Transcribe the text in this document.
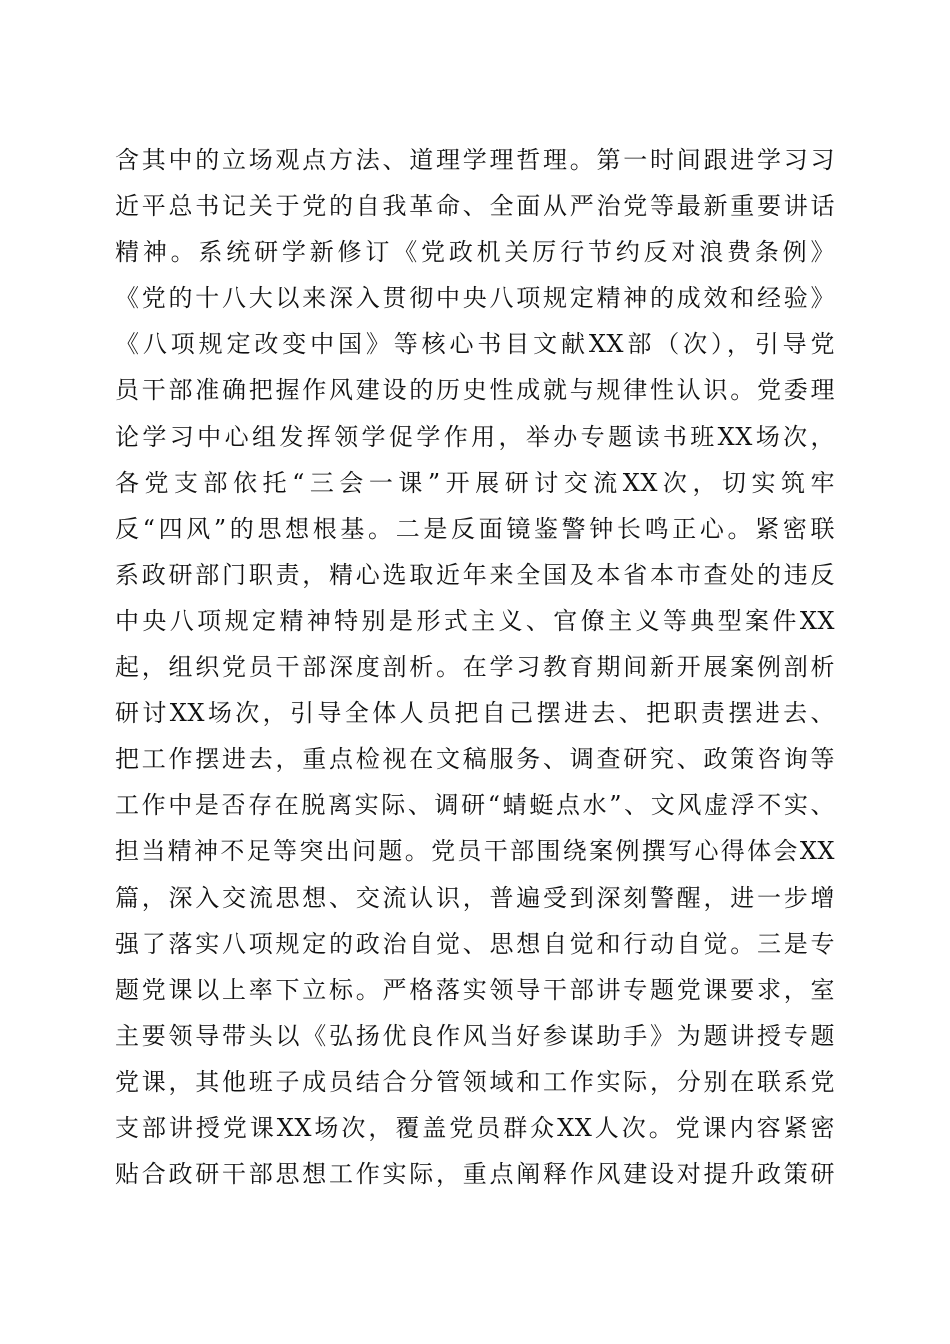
含其中的立场观点方法、道理学理哲理。第一时间跟进学习习
近平总书记关于党的自我革命、全面从严治党等最新重要讲话
精神。系统研学新修订《党政机关厉行节约反对浪费条例》
《党的十八大以来深入贯彻中央八项规定精神的成效和经验》
《八项规定改变中国》等核心书目文献XX部（次），引导党
员干部准确把握作风建设的历史性成就与规律性认识。党委理
论学习中心组发挥领学促学作用，举办专题读书班XX场次，
各党支部依托“三会一课”开展研讨交流XX次，切实筑牢
反“四风”的思想根基。二是反面镜鉴警钟长鸣正心。紧密联
系政研部门职责，精心选取近年来全国及本省本市查处的违反
中央八项规定精神特别是形式主义、官僚主义等典型案件XX
起，组织党员干部深度剖析。在学习教育期间新开展案例剖析
研讨XX场次，引导全体人员把自己摆进去、把职责摆进去、
把工作摆进去，重点检视在文稿服务、调查研究、政策咨询等
工作中是否存在脱离实际、调研“蜻蜓点水”、文风虚浮不实、
担当精神不足等突出问题。党员干部围绕案例撰写心得体会XX
篇，深入交流思想、交流认识，普遍受到深刻警醒，进一步增
强了落实八项规定的政治自觉、思想自觉和行动自觉。三是专
题党课以上率下立标。严格落实领导干部讲专题党课要求，室
主要领导带头以《弘扬优良作风当好参谋助手》为题讲授专题
党课，其他班子成员结合分管领域和工作实际，分别在联系党
支部讲授党课XX场次，覆盖党员群众XX人次。党课内容紧密
贴合政研干部思想工作实际，重点阐释作风建设对提升政策研
